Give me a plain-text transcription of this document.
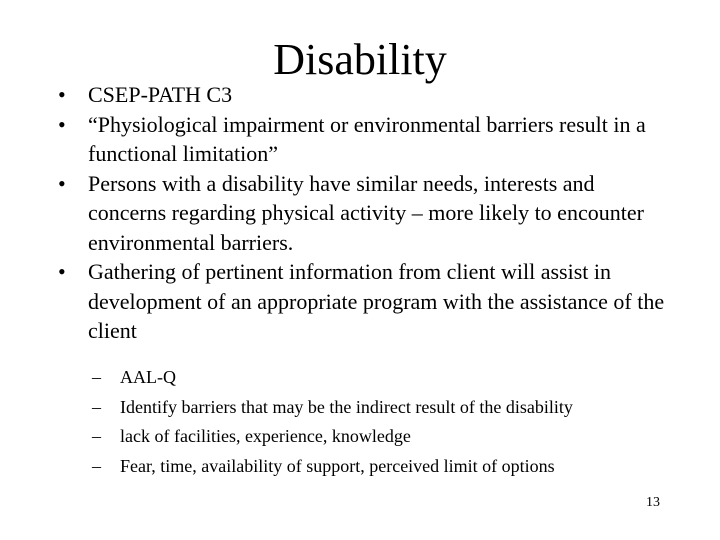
Disability
• CSEP-PATH C3
• “Physiological impairment or environmental barriers result in a functional limitation”
• Persons with a disability have similar needs, interests and concerns regarding physical activity – more likely to encounter environmental barriers.
• Gathering of pertinent information from client will assist in development of an appropriate program with the assistance of the client
– AAL-Q
– Identify barriers that may be the indirect result of the disability
– lack of facilities, experience, knowledge
– Fear, time, availability of support, perceived limit of options
13
